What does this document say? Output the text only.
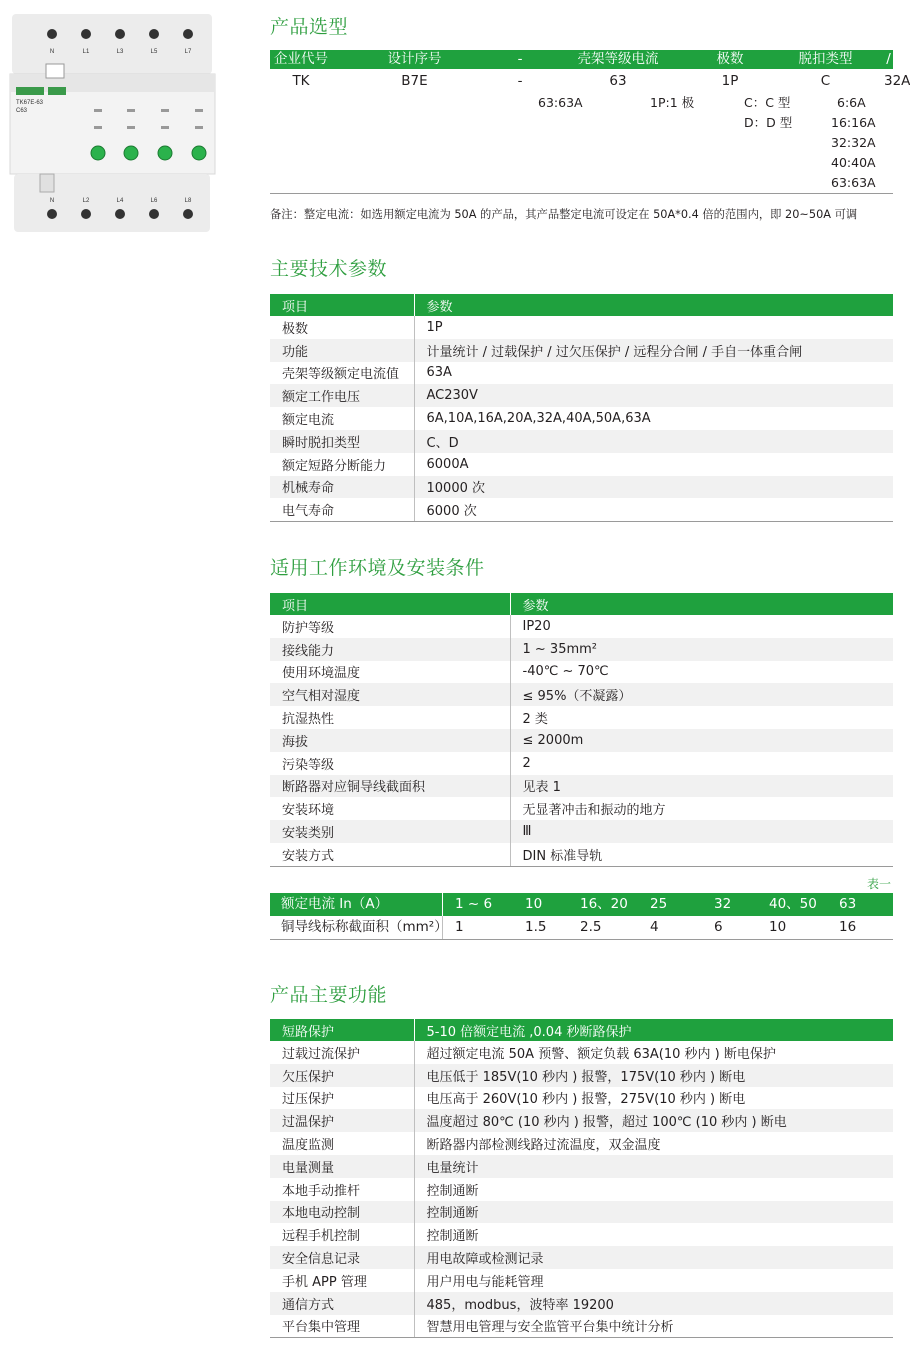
N	L1	L3	L5	L7
N	L2	L4	L6	L8
TK67E-63
C63
产品选型
企业代号	设计序号	-	壳架等级电流	极数	脱扣类型	/
TK	B7E	-	63	1P	C	32A
63:63A	1P:1 极	C：C 型
D：D 型
6:6A
16:16A
32:32A
40:40A
63:63A
备注：整定电流：如选用额定电流为 50A 的产品，其产品整定电流可设定在 50A*0.4 倍的范围内，即 20~50A 可调
主要技术参数
项目	参数
极数	1P
功能	计量统计 / 过载保护 / 过欠压保护 / 远程分合闸 / 手自一体重合闸
壳架等级额定电流值	63A
额定工作电压	AC230V
额定电流	6A,10A,16A,20A,32A,40A,50A,63A
瞬时脱扣类型	C、D
额定短路分断能力	6000A
机械寿命	10000 次
电气寿命	6000 次
适用工作环境及安装条件
项目	参数
防护等级	IP20
接线能力	1 ~ 35mm²
使用环境温度	-40℃ ~ 70℃
空气相对湿度	≤ 95%（不凝露）
抗湿热性	2 类
海拔	≤ 2000m
污染等级	2
断路器对应铜导线截面积	见表 1
安装环境	无显著冲击和振动的地方
安装类别	Ⅲ
安装方式	DIN 标准导轨
表一
额定电流 In（A）	1 ~ 6	10	16、20	25	32	40、50	63
铜导线标称截面积（mm²） 1	1.5	2.5	4	6	10	16
产品主要功能
短路保护	5-10 倍额定电流 ,0.04 秒断路保护
过载过流保护	超过额定电流 50A 预警、额定负载 63A(10 秒内 ) 断电保护
欠压保护	电压低于 185V(10 秒内 ) 报警，175V(10 秒内 ) 断电
过压保护	电压高于 260V(10 秒内 ) 报警，275V(10 秒内 ) 断电
过温保护	温度超过 80℃ (10 秒内 ) 报警，超过 100℃ (10 秒内 ) 断电
温度监测	断路器内部检测线路过流温度，双金温度
电量测量	电量统计
本地手动推杆	控制通断
本地电动控制	控制通断
远程手机控制	控制通断
安全信息记录	用电故障或检测记录
手机 APP 管理	用户用电与能耗管理
通信方式	485，modbus，波特率 19200
平台集中管理	智慧用电管理与安全监管平台集中统计分析
